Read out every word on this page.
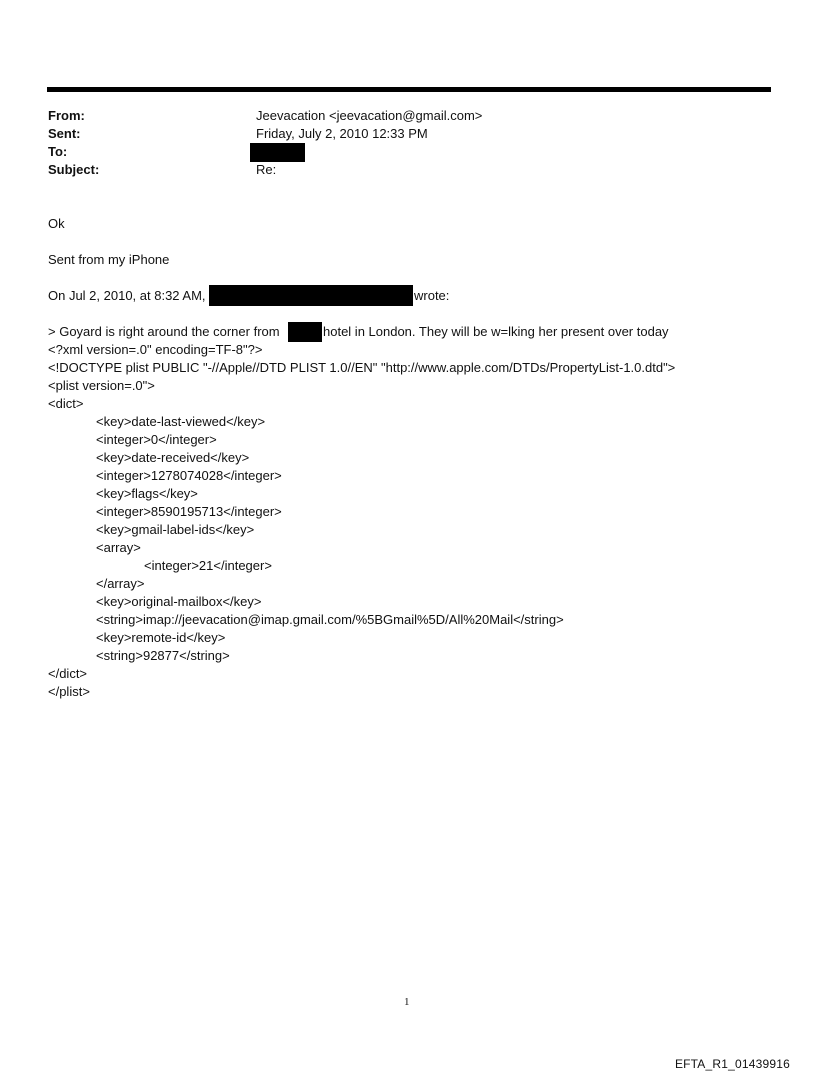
From:	Jeevacation <jeevacation@gmail.com>
Sent:	Friday, July 2, 2010 12:33 PM
To:
Subject:	Re:
Ok
Sent from my iPhone
On Jul 2, 2010, at 8:32 AM,	wrote:
> Goyard is right around the corner from	hotel in London. They will be w=lking her present over today
<?xml version=.0" encoding=TF-8"?>
<!DOCTYPE plist PUBLIC "-//Apple//DTD PLIST 1.0//EN" "http://www.apple.com/DTDs/PropertyList-1.0.dtd">
<plist version=.0">
<dict>
<key>date-last-viewed</key>
<integer>0</integer>
<key>date-received</key>
<integer>1278074028</integer>
<key>flags</key>
<integer>8590195713</integer>
<key>gmail-label-ids</key>
<array>
<integer>21</integer>
</array>
<key>original-mailbox</key>
<string>imap://jeevacation@imap.gmail.com/%5BGmail%5D/All%20Mail</string>
<key>remote-id</key>
<string>92877</string>
</dict>
</plist>
1
EFTA_R1_01439916
